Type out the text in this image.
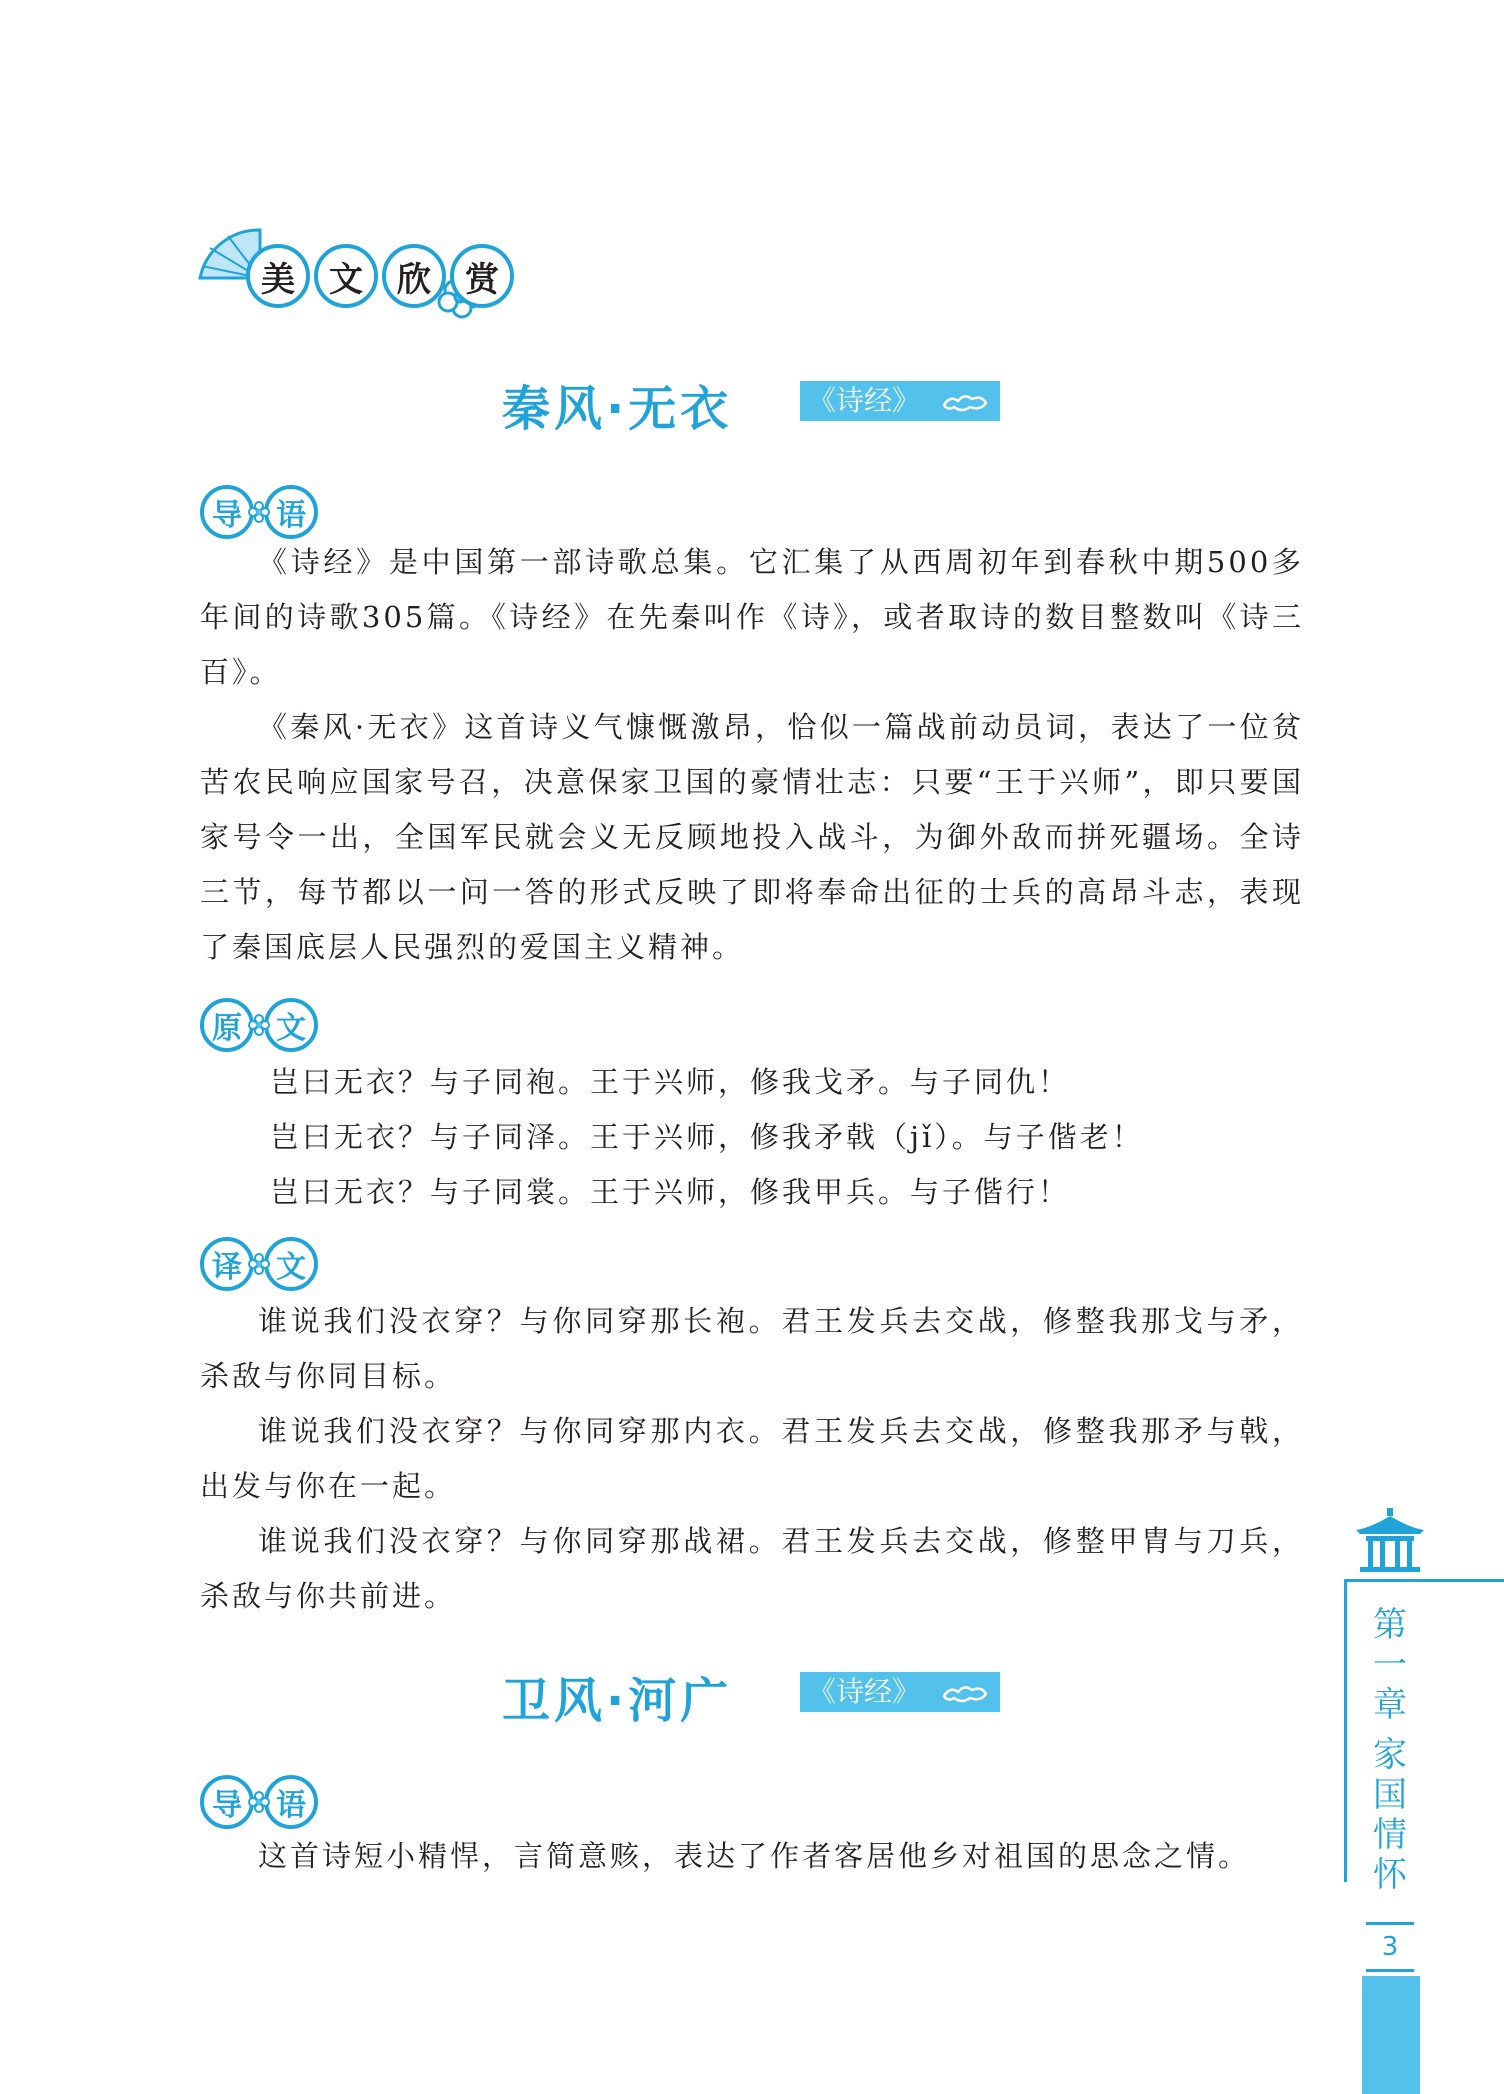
美	文	欣	赏
秦风·无衣	《诗经》
导	语

《诗经》是中国第一部诗歌总集。它汇集了从西周初年到春秋中期500多年间的诗歌305篇。《诗经》在先秦叫作《诗》，或者取诗的数目整数叫《诗三百》。

《秦风·无衣》这首诗义气慷慨激昂，恰似一篇战前动员词，表达了一位贫苦农民响应国家号召，决意保家卫国的豪情壮志：只要“王于兴师”，即只要国家号令一出，全国军民就会义无反顾地投入战斗，为御外敌而拼死疆场。全诗三节，每节都以一问一答的形式反映了即将奉命出征的士兵的高昂斗志，表现了秦国底层人民强烈的爱国主义精神。

原	文

岂曰无衣？与子同袍。王于兴师，修我戈矛。与子同仇！

岂曰无衣？与子同泽。王于兴师，修我矛戟（jǐ）。与子偕老！

岂曰无衣？与子同裳。王于兴师，修我甲兵。与子偕行！

译	文

谁说我们没衣穿？与你同穿那长袍。君王发兵去交战，修整我那戈与矛，杀敌与你同目标。

谁说我们没衣穿？与你同穿那内衣。君王发兵去交战，修整我那矛与戟，出发与你在一起。

谁说我们没衣穿？与你同穿那战裙。君王发兵去交战，修整甲胄与刀兵，杀敌与你共前进。

卫风·河广	《诗经》
导	语

这首诗短小精悍，言简意赅，表达了作者客居他乡对祖国的思念之情。

第
一
章
家
国
情
怀
3
